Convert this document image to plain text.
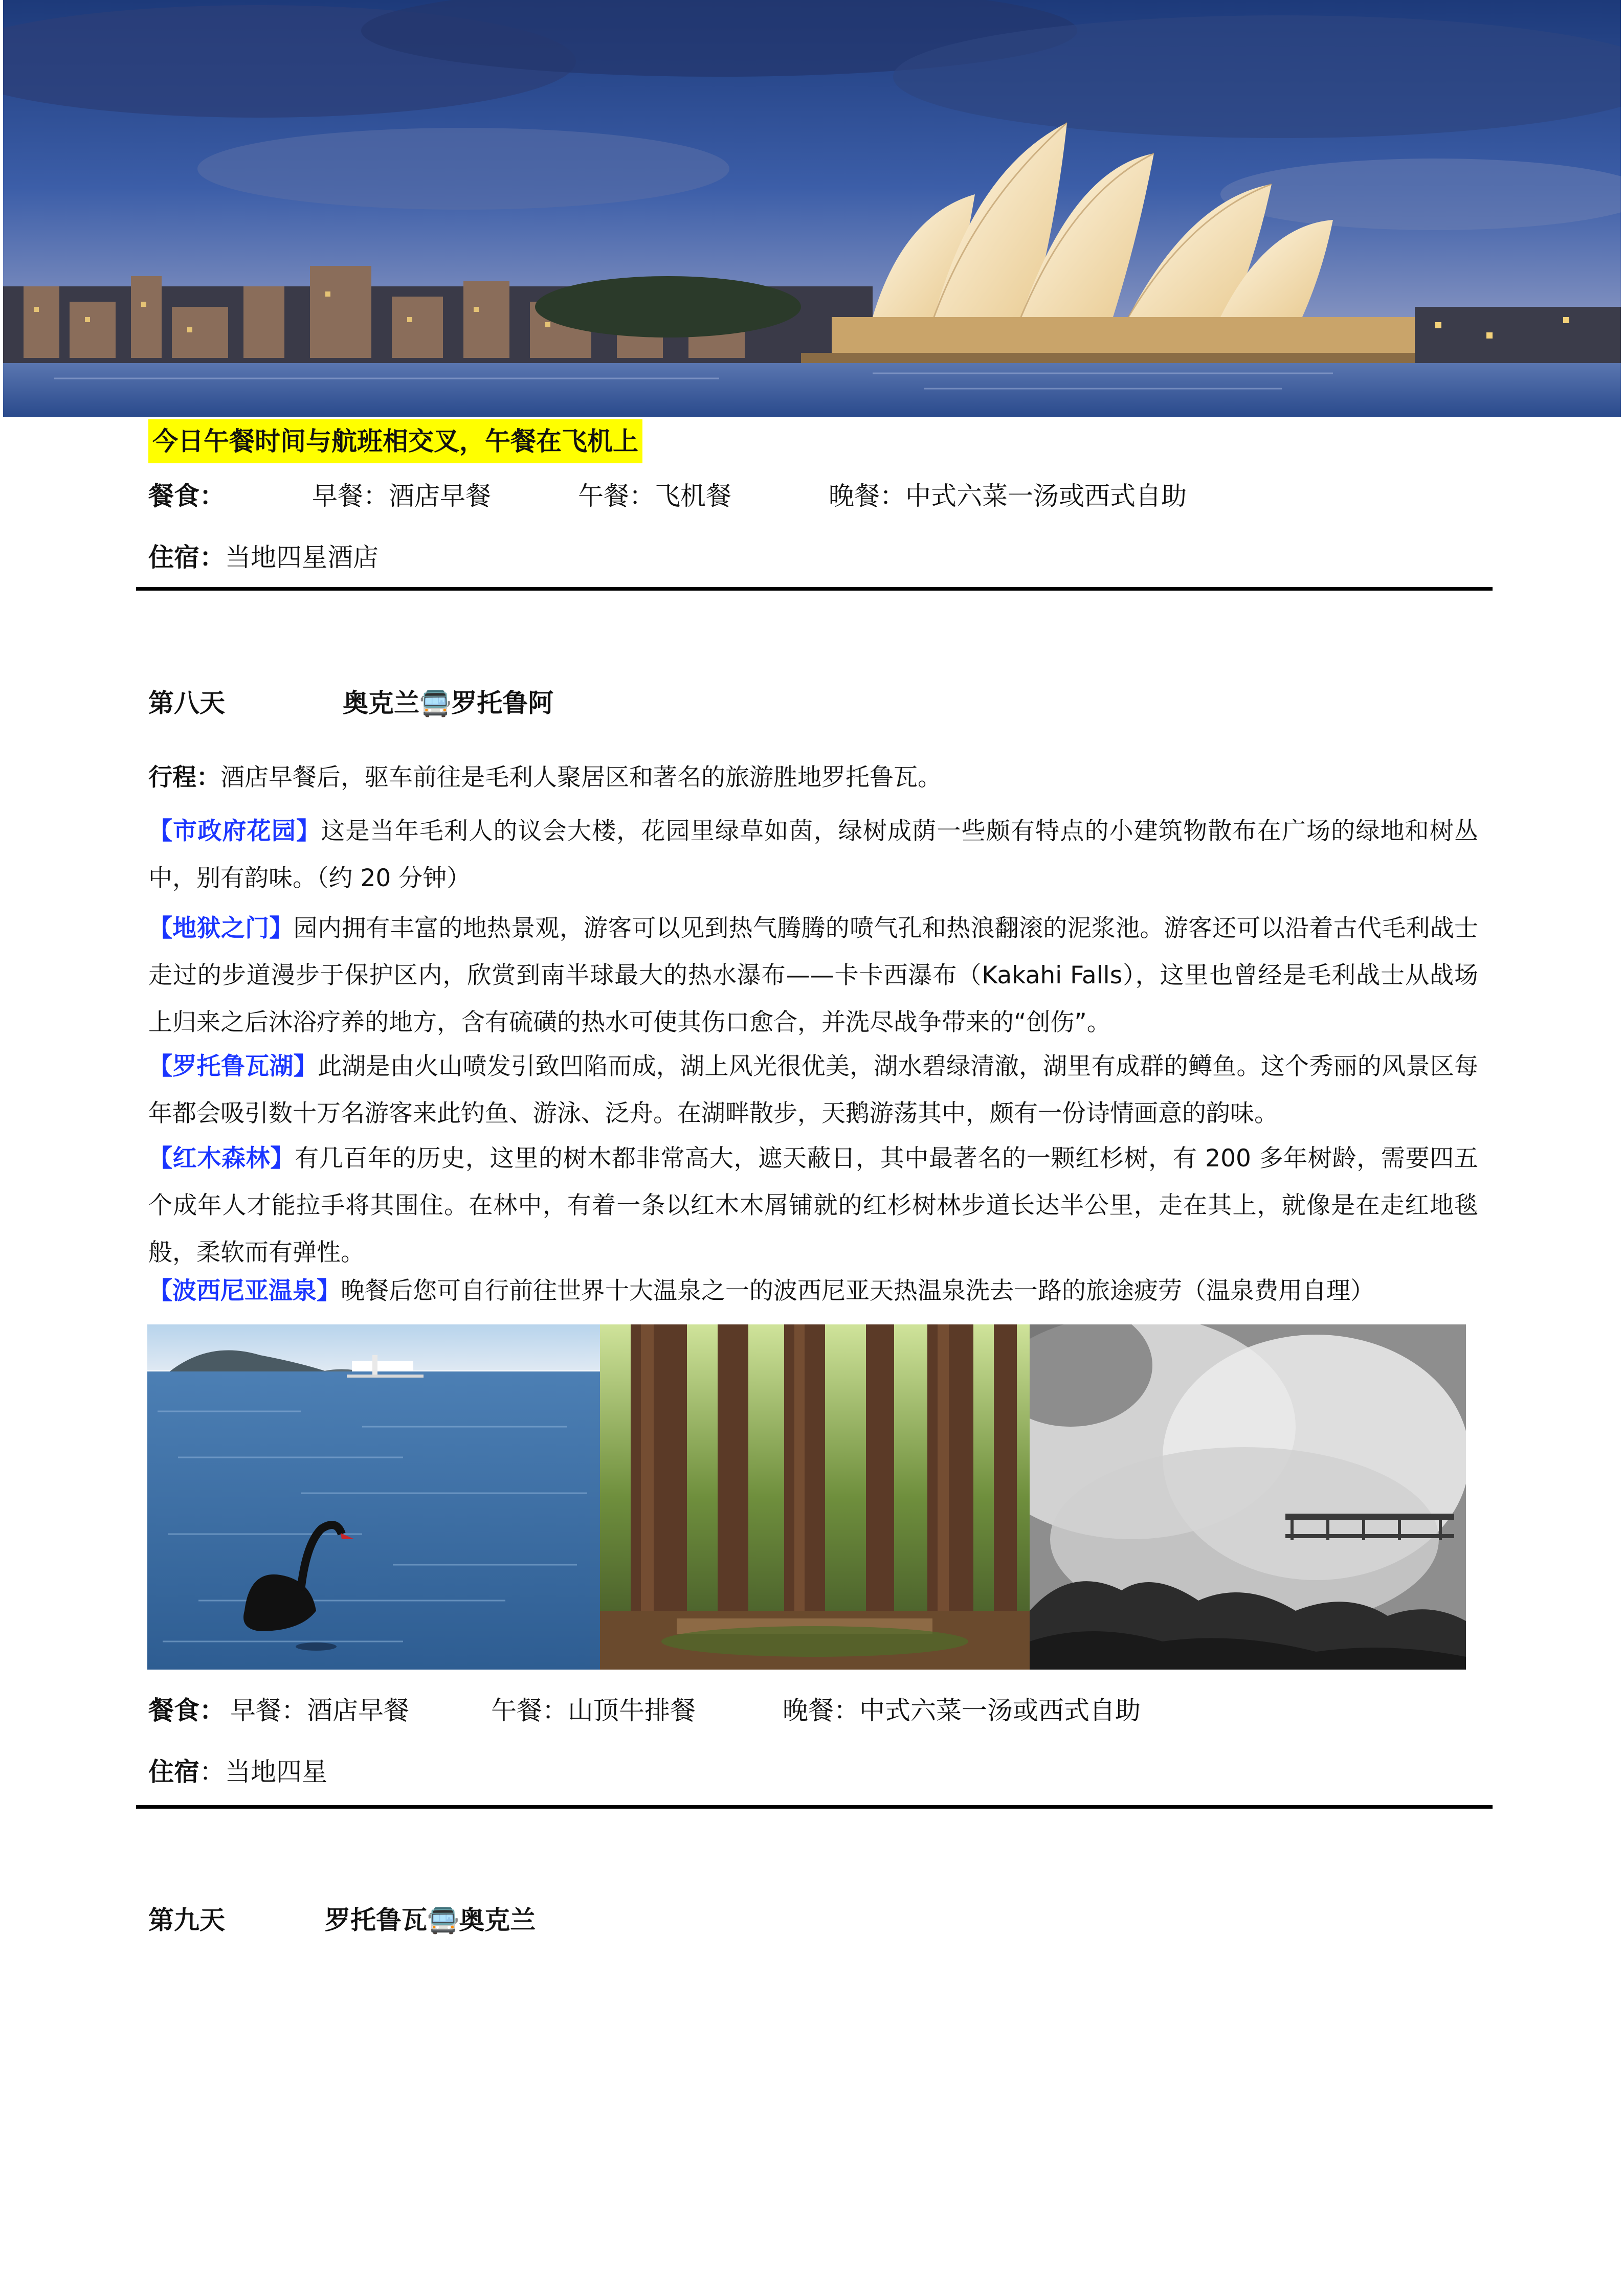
今日午餐时间与航班相交叉，午餐在飞机上
餐食：	早餐：酒店早餐	午餐：飞机餐	晚餐：中式六菜一汤或西式自助
住宿：当地四星酒店
第八天	奥克兰🚍罗托鲁阿
行程：酒店早餐后，驱车前往是毛利人聚居区和著名的旅游胜地罗托鲁瓦。
【市政府花园】这是当年毛利人的议会大楼，花园里绿草如茵，绿树成荫一些颇有特点的小建筑物散布在广场的绿地和树丛中，别有韵味。（约 20 分钟）
【地狱之门】园内拥有丰富的地热景观，游客可以见到热气腾腾的喷气孔和热浪翻滚的泥浆池。游客还可以沿着古代毛利战士走过的步道漫步于保护区内，欣赏到南半球最大的热水瀑布——卡卡西瀑布（Kakahi Falls），这里也曾经是毛利战士从战场上归来之后沐浴疗养的地方，含有硫磺的热水可使其伤口愈合，并洗尽战争带来的“创伤”。
【罗托鲁瓦湖】此湖是由火山喷发引致凹陷而成，湖上风光很优美，湖水碧绿清澈，湖里有成群的鳟鱼。这个秀丽的风景区每年都会吸引数十万名游客来此钓鱼、游泳、泛舟。在湖畔散步，天鹅游荡其中，颇有一份诗情画意的韵味。
【红木森林】有几百年的历史，这里的树木都非常高大，遮天蔽日，其中最著名的一颗红杉树，有 200 多年树龄，需要四五个成年人才能拉手将其围住。在林中，有着一条以红木木屑铺就的红杉树林步道长达半公里，走在其上，就像是在走红地毯般，柔软而有弹性。
【波西尼亚温泉】晚餐后您可自行前往世界十大温泉之一的波西尼亚天热温泉洗去一路的旅途疲劳（温泉费用自理）
餐食： 早餐：酒店早餐	午餐：山顶牛排餐	晚餐：中式六菜一汤或西式自助
住宿：当地四星
第九天	罗托鲁瓦🚍奥克兰
